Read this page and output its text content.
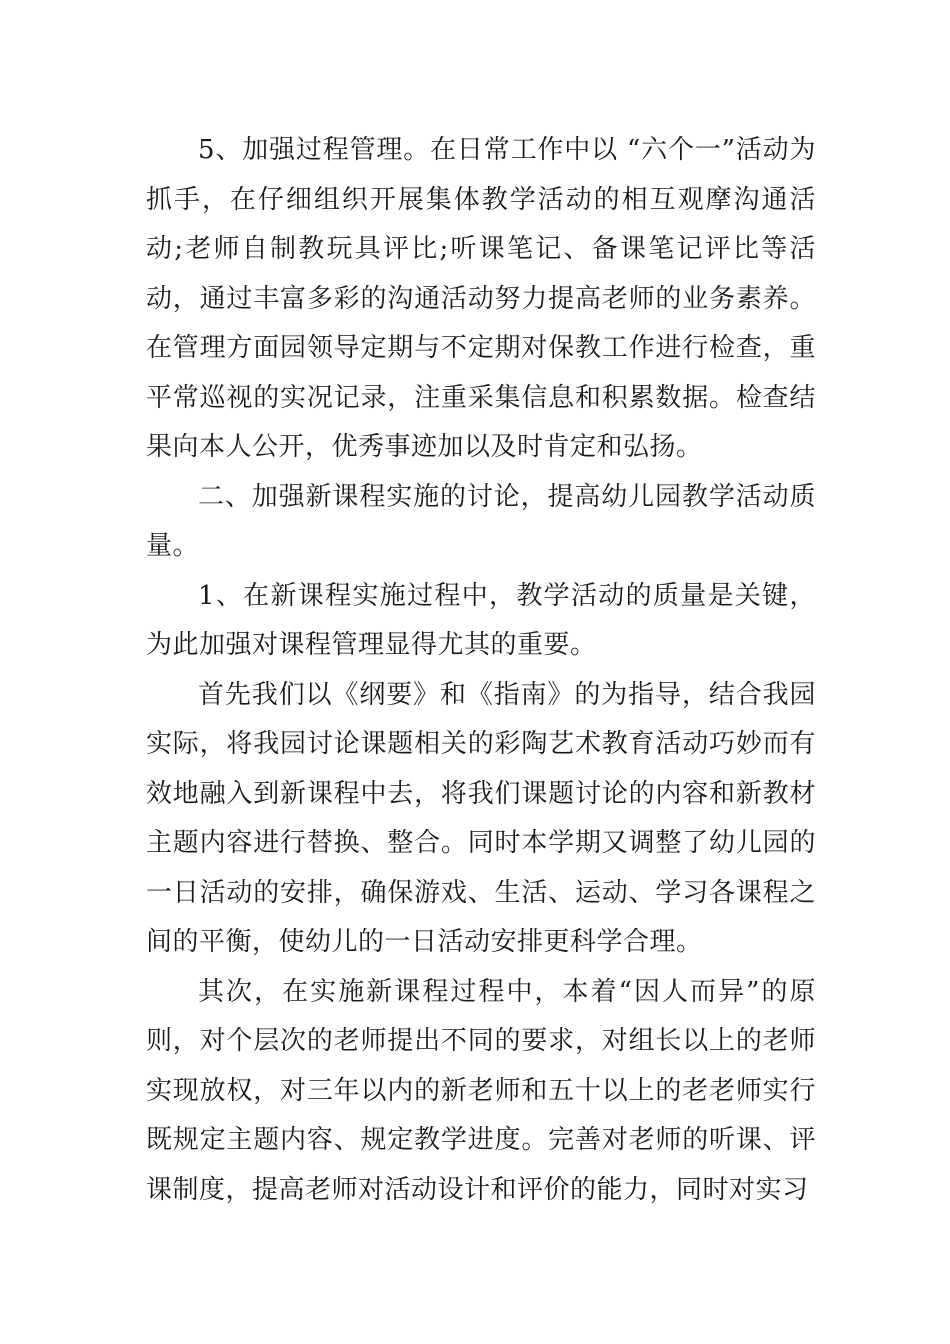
5、加强过程管理。在日常工作中以 “六个一”活动为抓手，在仔细组织开展集体教学活动的相互观摩沟通活动;老师自制教玩具评比;听课笔记、备课笔记评比等活动，通过丰富多彩的沟通活动努力提高老师的业务素养。在管理方面园领导定期与不定期对保教工作进行检查，重平常巡视的实况记录，注重采集信息和积累数据。检查结果向本人公开，优秀事迹加以及时肯定和弘扬。

二、加强新课程实施的讨论，提高幼儿园教学活动质量。

1、在新课程实施过程中，教学活动的质量是关键，为此加强对课程管理显得尤其的重要。

首先我们以《纲要》和《指南》的为指导，结合我园实际，将我园讨论课题相关的彩陶艺术教育活动巧妙而有效地融入到新课程中去，将我们课题讨论的内容和新教材主题内容进行替换、整合。同时本学期又调整了幼儿园的一日活动的安排，确保游戏、生活、运动、学习各课程之间的平衡，使幼儿的一日活动安排更科学合理。

其次，在实施新课程过程中，本着“因人而异”的原则，对个层次的老师提出不同的要求，对组长以上的老师实现放权，对三年以内的新老师和五十以上的老老师实行既规定主题内容、规定教学进度。完善对老师的听课、评课制度，提高老师对活动设计和评价的能力，同时对实习
